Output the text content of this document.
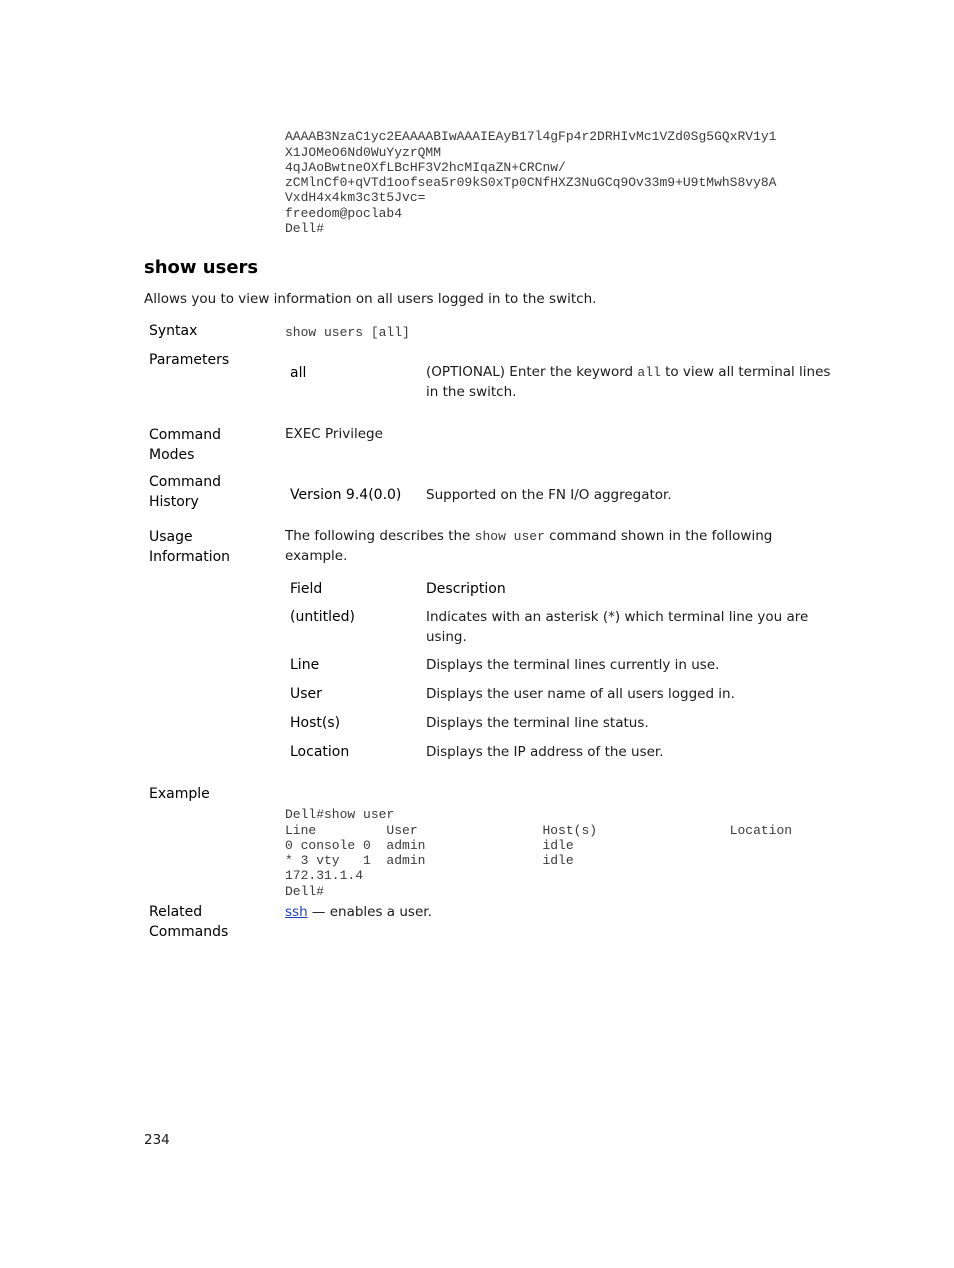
AAAAB3NzaC1yc2EAAAABIwAAAIEAyB17l4gFp4r2DRHIvMc1VZd0Sg5GQxRV1y1
X1JOMeO6Nd0WuYyzrQMM
4qJAoBwtneOXfLBcHF3V2hcMIqaZN+CRCnw/
zCMlnCf0+qVTd1oofsea5r09kS0xTp0CNfHXZ3NuGCq9Ov33m9+U9tMwhS8vy8A
VxdH4x4km3c3t5Jvc=
freedom@poclab4
Dell#

show users
Allows you to view information on all users logged in to the switch.
Syntax	show users [all]
Parameters
all	(OPTIONAL) Enter the keyword all to view all terminal lines in the switch.
Command Modes
EXEC Privilege
Command History	Version 9.4(0.0) Supported on the FN I/O aggregator.
Usage Information
The following describes the show user command shown in the following example.
Field	Description
(untitled)	Indicates with an asterisk (*) which terminal line you are using.
Line	Displays the terminal lines currently in use.
User	Displays the user name of all users logged in.
Host(s)	Displays the terminal line status.
Location	Displays the IP address of the user.
Example

Dell#show user
Line         User                Host(s)                 Location
0 console 0  admin               idle
* 3 vty   1  admin               idle
172.31.1.4
Dell#

Related Commands
ssh — enables a user.
234
